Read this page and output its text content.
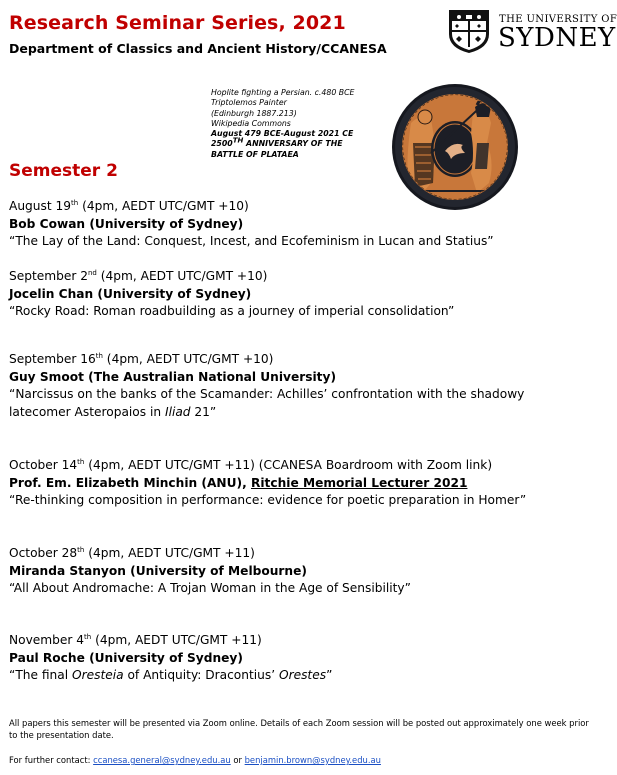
Research Seminar Series, 2021
Department of Classics and Ancient History/CCANESA
THE UNIVERSITY OF
SYDNEY
Hoplite fighting a Persian. c.480 BCE
Triptolemos Painter
(Edinburgh 1887.213)
Wikipedia Commons
August 479 BCE-August 2021 CE
2500TH ANNIVERSARY OF THE
BATTLE OF PLATAEA
Semester 2
August 19th (4pm, AEDT UTC/GMT +10)
Bob Cowan (University of Sydney)
“The Lay of the Land: Conquest, Incest, and Ecofeminism in Lucan and Statius”
September 2nd (4pm, AEDT UTC/GMT +10)
Jocelin Chan (University of Sydney)
“Rocky Road: Roman roadbuilding as a journey of imperial consolidation”
September 16th (4pm, AEDT UTC/GMT +10)
Guy Smoot (The Australian National University)
“Narcissus on the banks of the Scamander: Achilles’ confrontation with the shadowy latecomer Asteropaios in Iliad 21”
October 14th (4pm, AEDT UTC/GMT +11) (CCANESA Boardroom with Zoom link)
Prof. Em. Elizabeth Minchin (ANU), Ritchie Memorial Lecturer 2021
“Re-thinking composition in performance: evidence for poetic preparation in Homer”
October 28th (4pm, AEDT UTC/GMT +11)
Miranda Stanyon (University of Melbourne)
“All About Andromache: A Trojan Woman in the Age of Sensibility”
November 4th (4pm, AEDT UTC/GMT +11)
Paul Roche (University of Sydney)
“The final Oresteia of Antiquity: Dracontius’ Orestes”
All papers this semester will be presented via Zoom online. Details of each Zoom session will be posted out approximately one week prior to the presentation date.
For further contact: ccanesa.general@sydney.edu.au or benjamin.brown@sydney.edu.au
